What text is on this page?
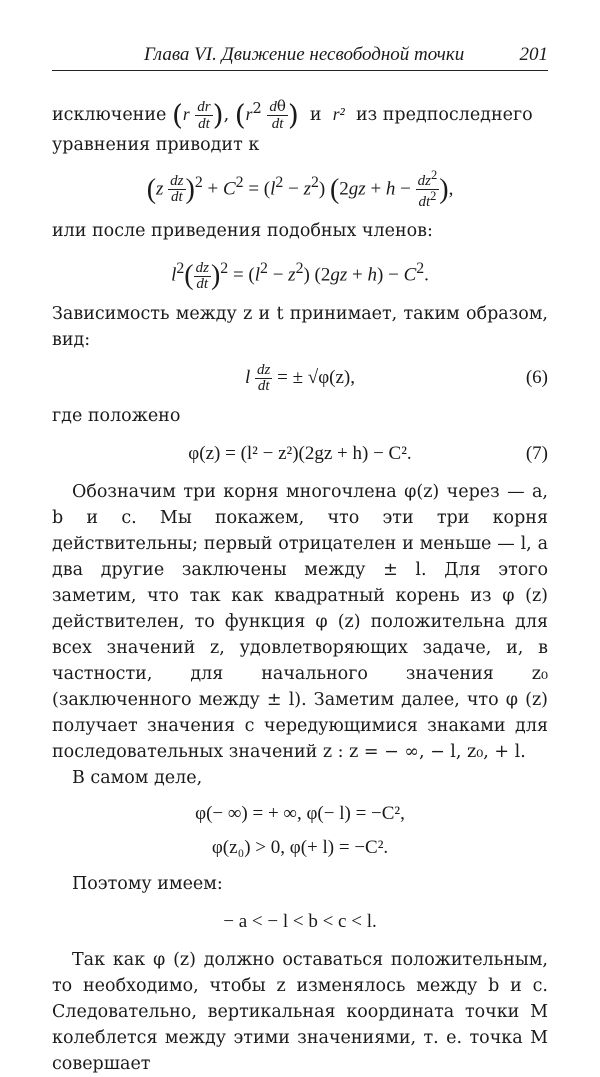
Глава VI. Движение несвободной точки	201

исключение ($r \frac{dr}{dt}$ ), ($r^2 \frac{d\theta}{dt}$ ) и r² из предпоследнего

уравнения приводит к

$(z \frac{dz}{dt} )^2 + C^2 = (l^2 - z^2)$ ($2gz + h - \frac{dz^2}{dt^2}$ ),

или после приведения подобных членов:

$l^2( \frac{dz}{dt} )^2 = (l^2 - z^2) (2gz + h) - C^2$.

Зависимость между z и t принимает, таким образом, вид:

l $\frac{dz}{dt}$ = ± √φ(z),	(6)

где положено

φ(z) = (l² − z²)(2gz + h) − C².	(7)

Обозначим три корня многочлена φ(z) через — a, b и c. Мы покажем, что эти три корня действительны; первый отрицателен и меньше — l, а два другие заключены между ± l. Для этого заметим, что так как квадратный корень из φ (z) действителен, то функция φ (z) положительна для всех значений z, удовлетворяющих задаче, и, в частности, для начального значения z₀ (заключенного между ± l). Заметим далее, что φ (z) получает значения с чередующимися знаками для последовательных значений z : z = − ∞, − l, z₀, + l.

В самом деле,

φ(− ∞) = + ∞, φ(− l) = −C²,
φ(z₀) > 0, φ(+ l) = −C².

Поэтому имеем:

− a < − l < b < c < l.

Так как φ (z) должно оставаться положительным, то необходимо, чтобы z изменялось между b и c. Следовательно, вертикальная координата точки M колеблется между этими значениями, т. е. точка M совершает
